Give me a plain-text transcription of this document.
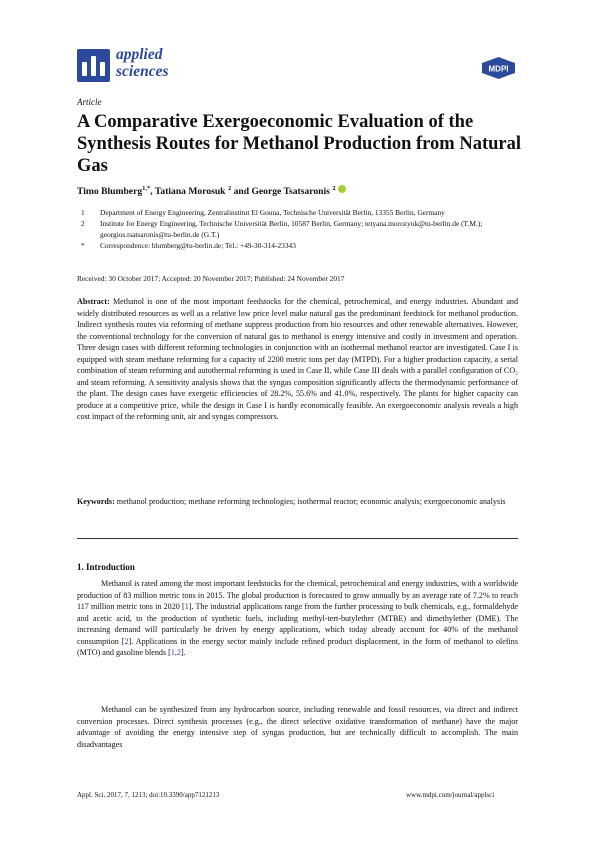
applied
sciences	MDPI
Article
A Comparative Exergoeconomic Evaluation of the Synthesis Routes for Methanol Production from Natural Gas
Timo Blumberg$^{1,*}$, Tatiana Morosuk $^2$ and George Tsatsaronis $^2$
1	Department of Energy Engineering, Zentralinstitut El Gouna, Technische Universität Berlin, 13355 Berlin, Germany
2	Institute for Energy Engineering, Technische Universität Berlin, 10587 Berlin, Germany; tetyana.morozyuk@tu-berlin.de (T.M.); georgios.tsatsaronis@tu-berlin.de (G.T.)
*	Correspondence: blumberg@tu-berlin.de; Tel.: +49-30-314-23343
Received: 30 October 2017; Accepted: 20 November 2017; Published: 24 November 2017

Abstract: Methanol is one of the most important feedstocks for the chemical, petrochemical, and energy industries. Abundant and widely distributed resources as well as a relative low price level make natural gas the predominant feedstock for methanol production. Indirect synthesis routes via reforming of methane suppress production from bio resources and other renewable alternatives. However, the conventional technology for the conversion of natural gas to methanol is energy intensive and costly in investment and operation. Three design cases with different reforming technologies in conjunction with an isothermal methanol reactor are investigated. Case I is equipped with steam methane reforming for a capacity of 2200 metric tons per day (MTPD). For a higher production capacity, a serial combination of steam reforming and autothermal reforming is used in Case II, while Case III deals with a parallel configuration of CO₂ and steam reforming. A sensitivity analysis shows that the syngas composition significantly affects the thermodynamic performance of the plant. The design cases have exergetic efficiencies of 28.2%, 55.6% and 41.0%, respectively. The plants for higher capacity can produce at a competitive price, while the design in Case I is hardly economically feasible. An exergoeconomic analysis reveals a high cost impact of the reforming unit, air and syngas compressors.

Keywords: methanol production; methane reforming technologies; isothermal reactor; economic analysis; exergoeconomic analysis

1. Introduction

Methanol is rated among the most important feedstocks for the chemical, petrochemical and energy industries, with a worldwide production of 83 million metric tons in 2015. The global production is forecasted to grow annually by an average rate of 7.2% to reach 117 million metric tons in 2020 [1]. The industrial applications range from the further processing to bulk chemicals, e.g., formaldehyde and acetic acid, to the production of synthetic fuels, including methyl-tert-butylether (MTBE) and dimethylether (DME). The increasing demand will particularly be driven by energy applications, which today already account for 40% of the methanol consumption [2]. Applications in the energy sector mainly include refined product displacement, in the form of methanol to olefins (MTO) and gasoline blends [1,2].

Methanol can be synthesized from any hydrocarbon source, including renewable and fossil resources, via direct and indirect conversion processes. Direct synthesis processes (e.g., the direct selective oxidative transformation of methane) have the major advantage of avoiding the energy intensive step of syngas production, but are technically difficult to accomplish. The main disadvantages

Appl. Sci. 2017, 7, 1213; doi:10.3390/app7121213	www.mdpi.com/journal/applsci
